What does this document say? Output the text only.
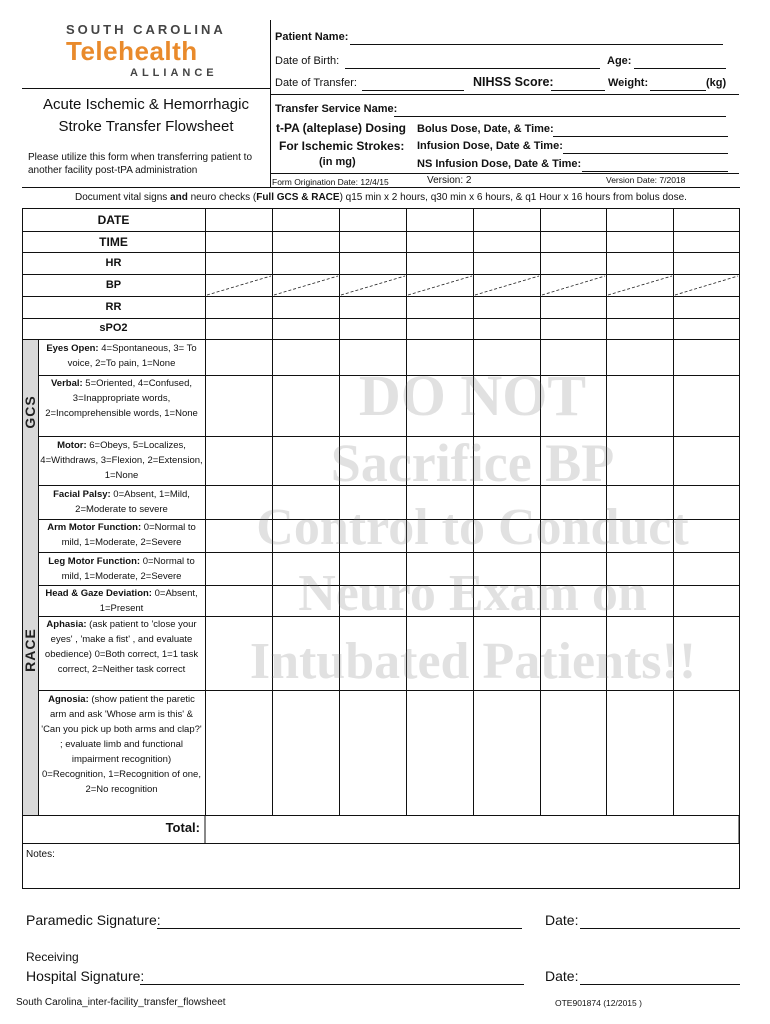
SOUTH CAROLINA
Telehealth
ALLIANCE
Acute Ischemic & Hemorrhagic
Stroke Transfer Flowsheet
Please utilize this form when transferring patient to another facility post-tPA administration
Patient Name:
Date of Birth:	Age:
Date of Transfer:	NIHSS Score:	Weight:	(kg)
Transfer Service Name:
t-PA (alteplase) Dosing
For Ischemic Strokes:
(in mg)
Bolus Dose, Date, & Time:
Infusion Dose, Date & Time:
NS Infusion Dose, Date & Time:
Form Origination Date: 12/4/15	Version: 2	Version Date: 7/2018
Document vital signs and neuro checks (Full GCS & RACE) q15 min x 2 hours, q30 min x 6 hours, & q1 Hour x 16 hours from bolus dose.
DATE
TIME
HR
BP
RR
sPO2
GCS
RACE
Eyes Open: 4=Spontaneous, 3= To voice, 2=To pain, 1=None
Verbal: 5=Oriented, 4=Confused, 3=Inappropriate words, 2=Incomprehensible words, 1=None
Motor: 6=Obeys, 5=Localizes, 4=Withdraws, 3=Flexion, 2=Extension, 1=None
Facial Palsy: 0=Absent, 1=Mild, 2=Moderate to severe
Arm Motor Function: 0=Normal to mild, 1=Moderate, 2=Severe
Leg Motor Function: 0=Normal to mild, 1=Moderate, 2=Severe
Head & Gaze Deviation: 0=Absent, 1=Present
Aphasia: (ask patient to 'close your eyes' , 'make a fist' , and evaluate obedience) 0=Both correct, 1=1 task correct, 2=Neither task correct
Agnosia: (show patient the paretic arm and ask 'Whose arm is this' & 'Can you pick up both arms and clap?' ; evaluate limb and functional impairment recognition) 0=Recognition, 1=Recognition of one, 2=No recognition
Total:
Notes:
DO NOT
Sacrifice BP
Control to Conduct
Neuro Exam on
Intubated Patients!!
Paramedic Signature:	Date:
Receiving
Hospital Signature:	Date:
South Carolina_inter-facility_transfer_flowsheet	OTE901874 (12/2015 )
